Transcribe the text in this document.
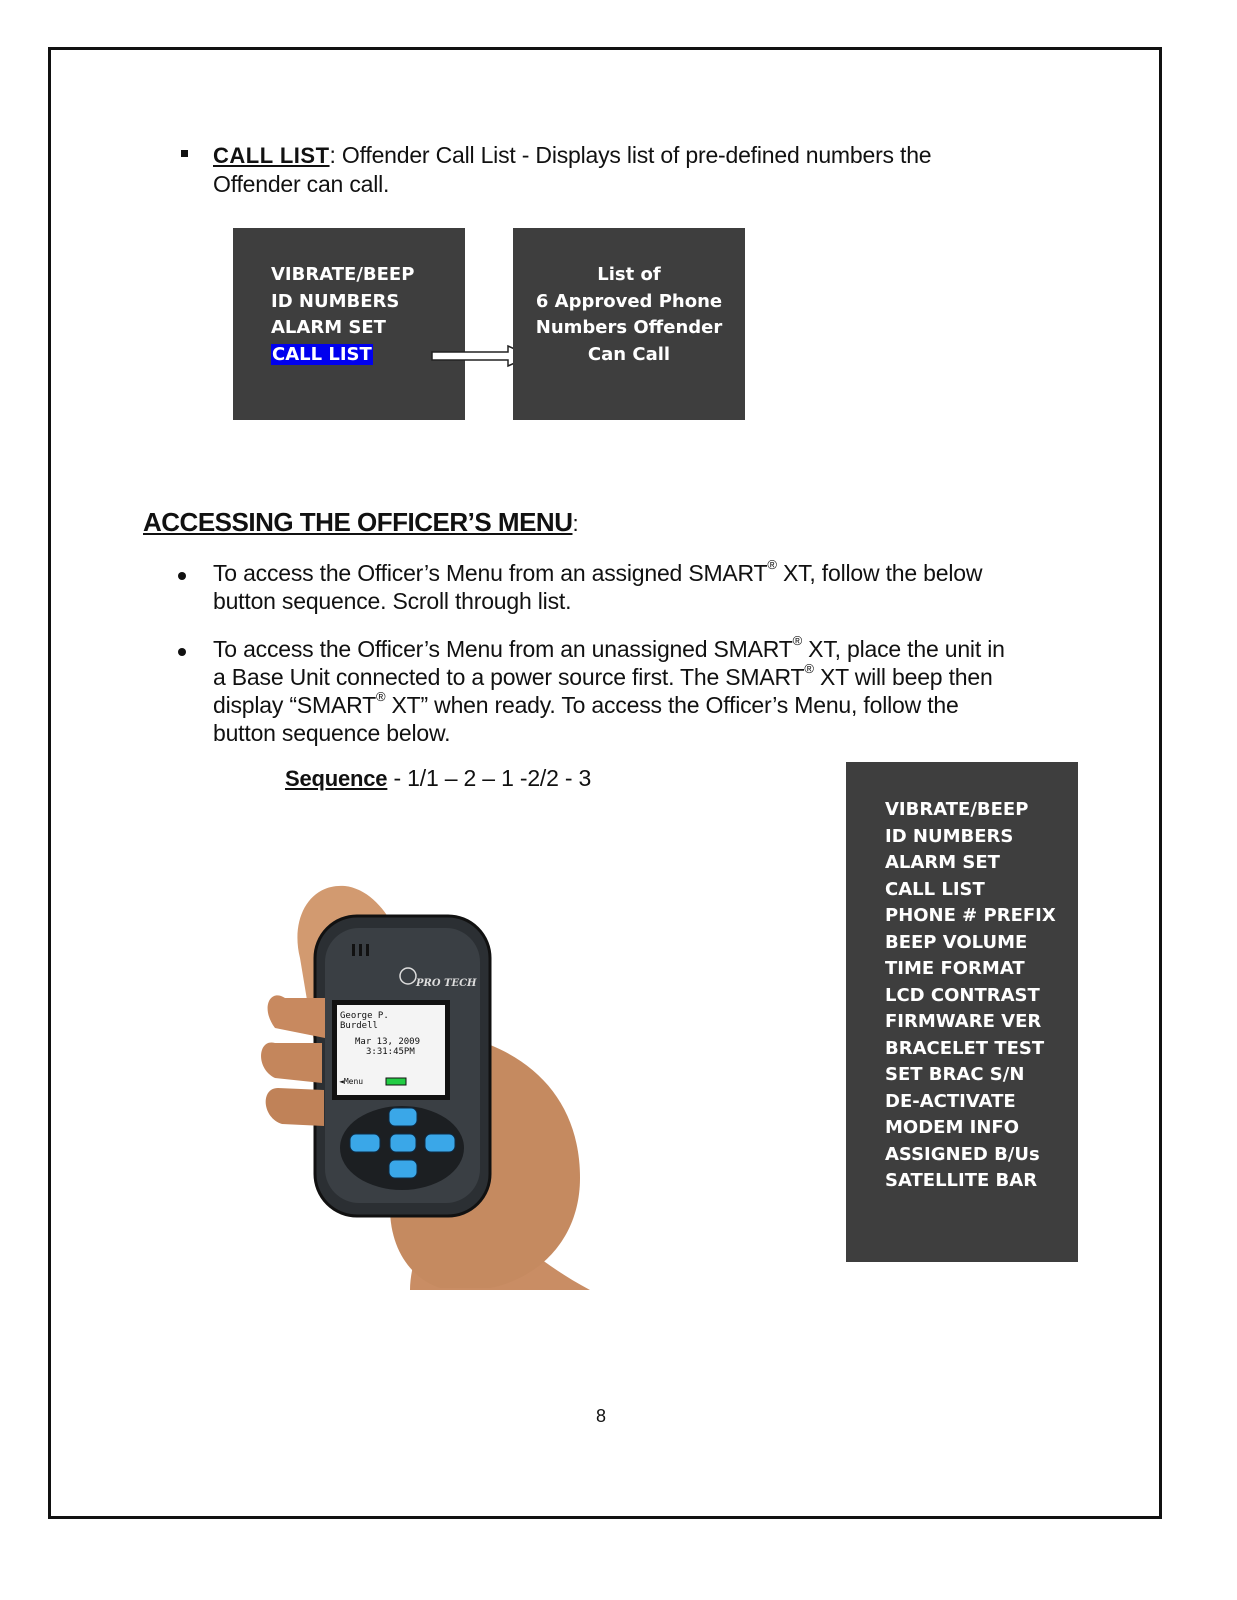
CALL LIST: Offender Call List - Displays list of pre-defined numbers the
Offender can call.
VIBRATE/BEEP
ID NUMBERS
ALARM SET
CALL LIST
List of
6 Approved Phone
Numbers Offender
Can Call
ACCESSING THE OFFICER’S MENU:
To access the Officer’s Menu from an assigned SMART® XT, follow the below
button sequence. Scroll through list.
To access the Officer’s Menu from an unassigned SMART® XT, place the unit in
a Base Unit connected to a power source first. The SMART® XT will beep then
display “SMART® XT” when ready. To access the Officer’s Menu, follow the
button sequence below.
Sequence - 1/1 – 2 – 1 -2/2 - 3
PRO TECH
George P.
Burdell
Mar 13, 2009
3:31:45PM
◄Menu
VIBRATE/BEEP
ID NUMBERS
ALARM SET
CALL LIST
PHONE # PREFIX
BEEP VOLUME
TIME FORMAT
LCD CONTRAST
FIRMWARE VER
BRACELET TEST
SET BRAC S/N
DE-ACTIVATE
MODEM INFO
ASSIGNED B/Us
SATELLITE BAR
8
